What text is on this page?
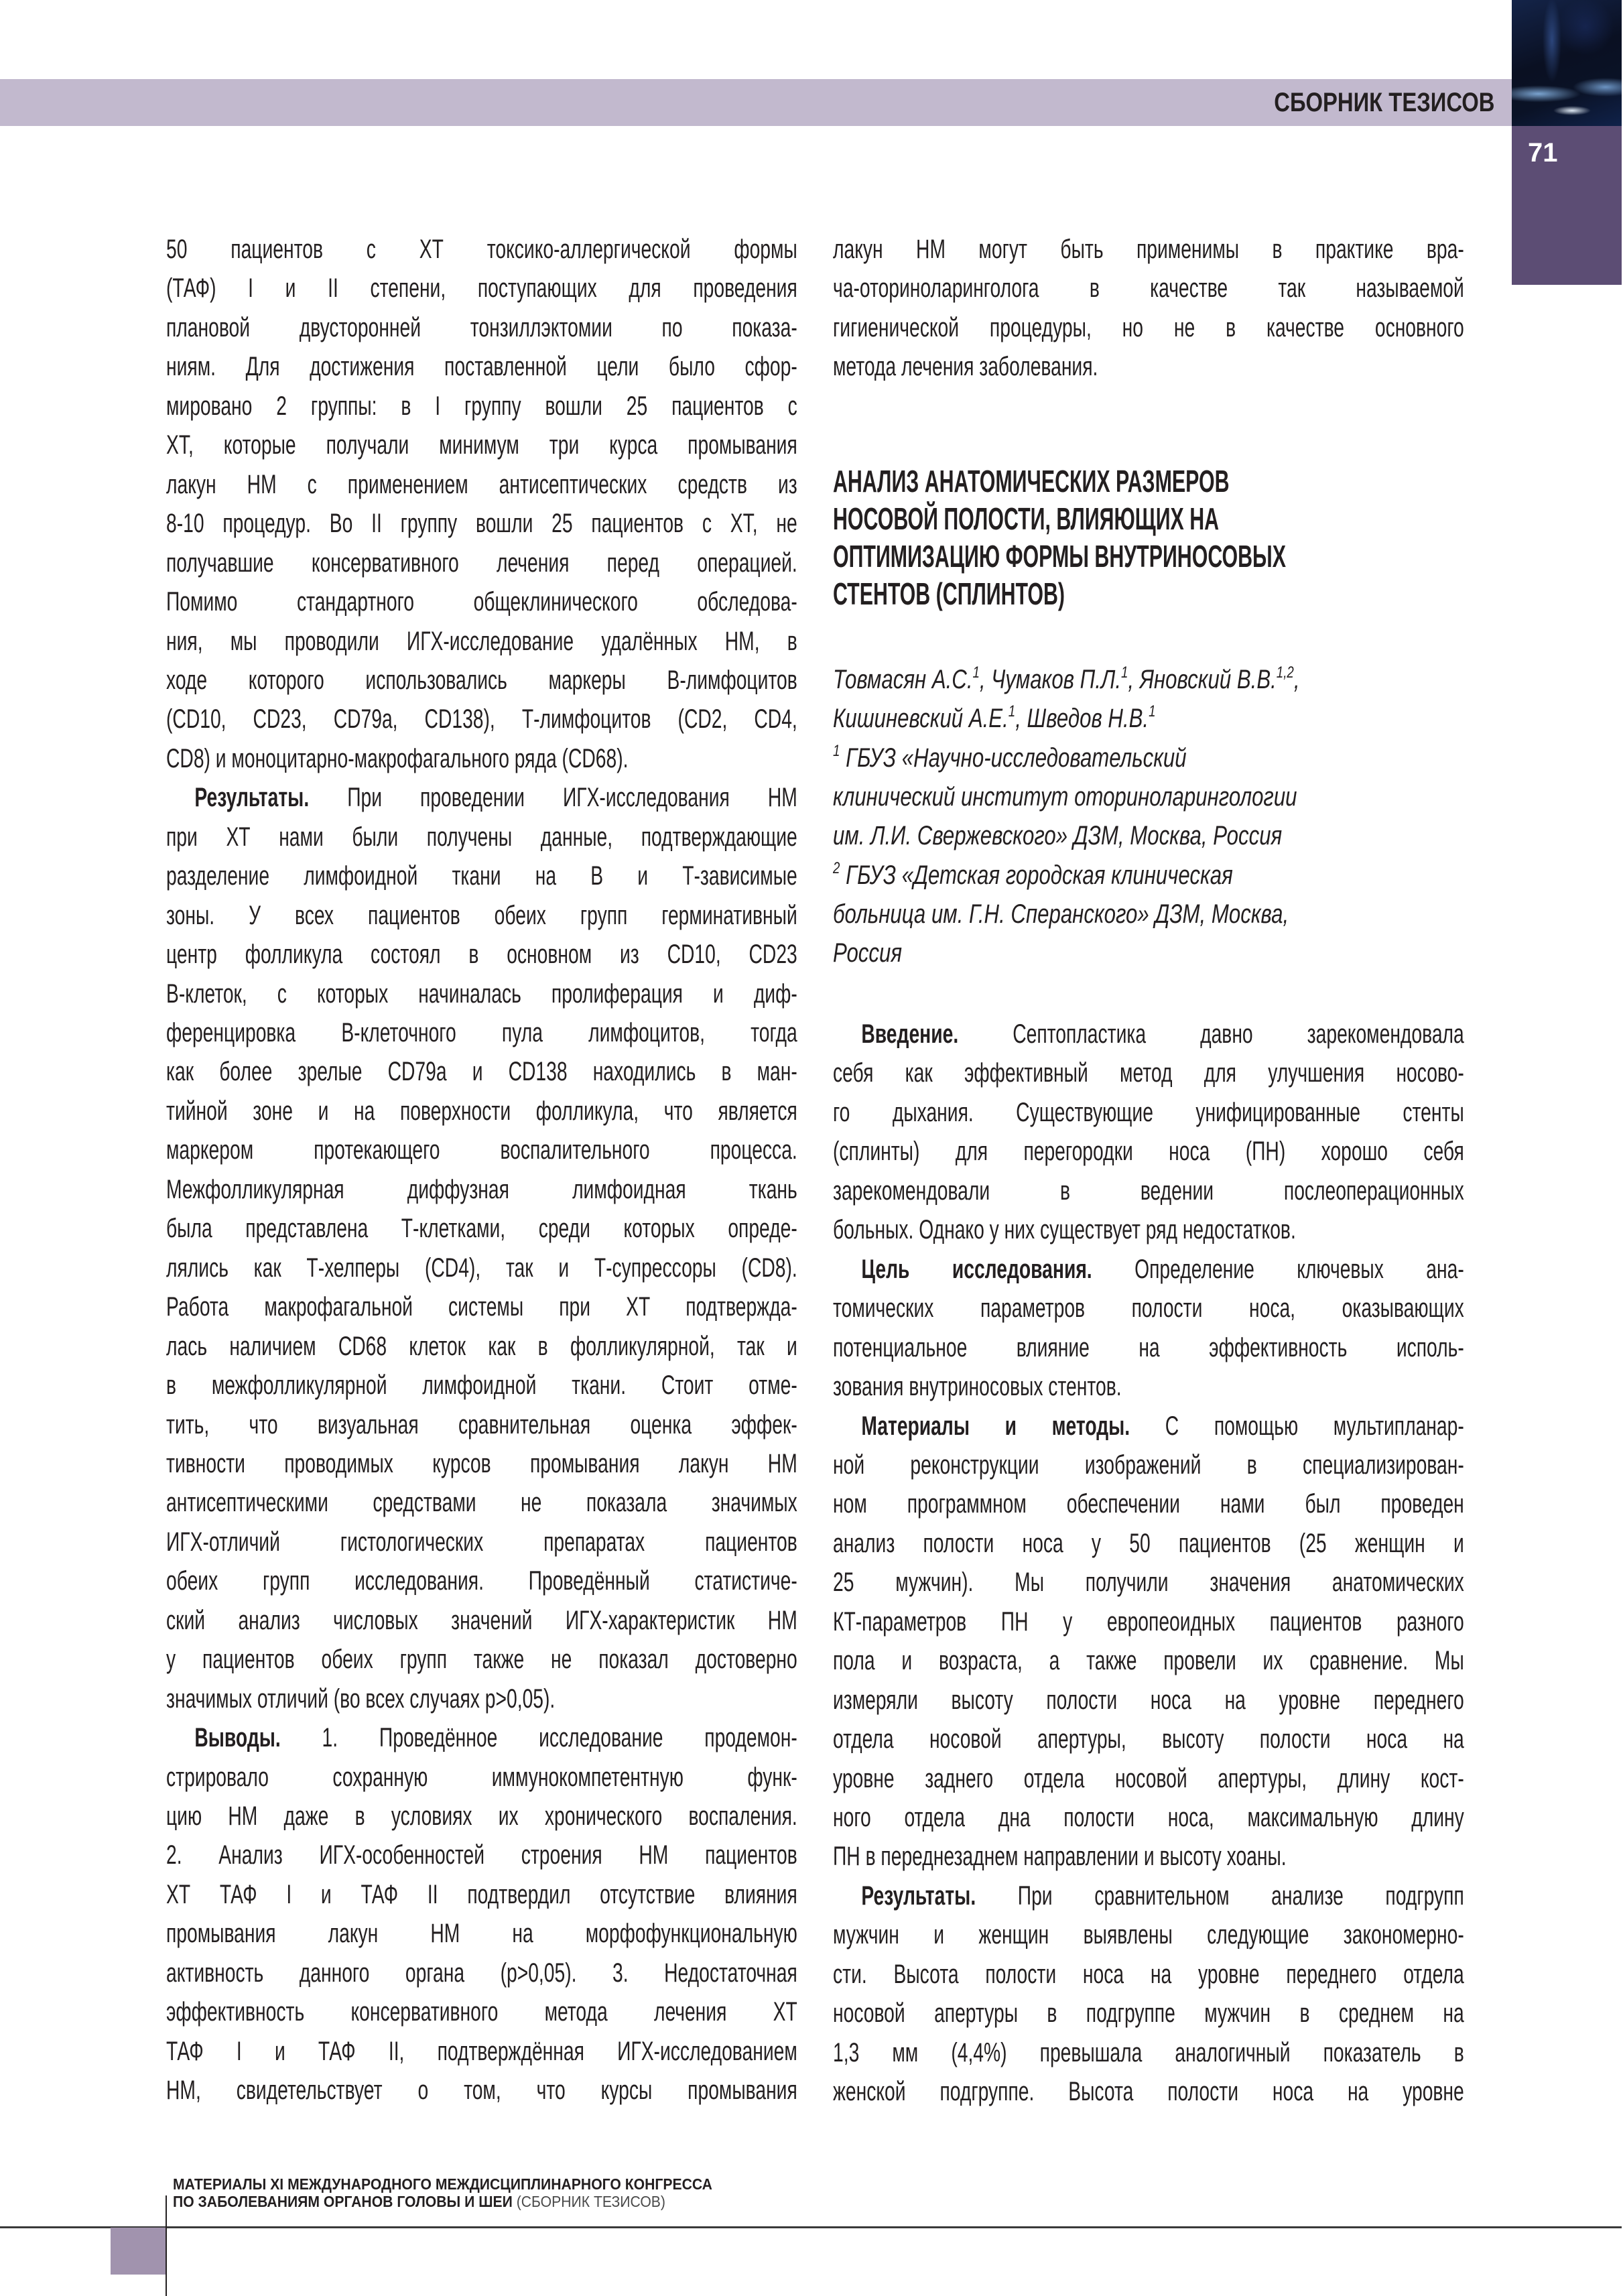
СБОРНИК ТЕЗИСОВ
71
50 пациентов с ХТ токсико-аллергической формы
(ТАФ) I и II степени, поступающих для проведения
плановой двусторонней тонзиллэктомии по показа-
ниям. Для достижения поставленной цели было сфор-
мировано 2 группы: в I группу вошли 25 пациентов с
ХТ, которые получали минимум три курса промывания
лакун НМ с применением антисептических средств из
8-10 процедур. Во II группу вошли 25 пациентов с ХТ, не
получавшие консервативного лечения перед операцией.
Помимо стандартного общеклинического обследова-
ния, мы проводили ИГХ-исследование удалённых НМ, в
ходе которого использовались маркеры В-лимфоцитов
(CD10, CD23, CD79a, CD138), Т-лимфоцитов (CD2, CD4,
CD8) и моноцитарно-макрофагального ряда (CD68).
Результаты. При проведении ИГХ-исследования НМ
при ХТ нами были получены данные, подтверждающие
разделение лимфоидной ткани на В и Т-зависимые
зоны. У всех пациентов обеих групп герминативный
центр фолликула состоял в основном из CD10, CD23
В-клеток, с которых начиналась пролиферация и диф-
ференцировка В-клеточного пула лимфоцитов, тогда
как более зрелые CD79a и CD138 находились в ман-
тийной зоне и на поверхности фолликула, что является
маркером протекающего воспалительного процесса.
Межфолликулярная диффузная лимфоидная ткань
была представлена Т-клетками, среди которых опреде-
лялись как Т-хелперы (CD4), так и Т-супрессоры (CD8).
Работа макрофагальной системы при ХТ подтвержда-
лась наличием CD68 клеток как в фолликулярной, так и
в межфолликулярной лимфоидной ткани. Стоит отме-
тить, что визуальная сравнительная оценка эффек-
тивности проводимых курсов промывания лакун НМ
антисептическими средствами не показала значимых
ИГХ-отличий гистологических препаратах пациентов
обеих групп исследования. Проведённый статистиче-
ский анализ числовых значений ИГХ-характеристик НМ
у пациентов обеих групп также не показал достоверно
значимых отличий (во всех случаях p>0,05).
Выводы. 1. Проведённое исследование продемон-
стрировало сохранную иммунокомпетентную функ-
цию НМ даже в условиях их хронического воспаления.
2. Анализ ИГХ-особенностей строения НМ пациентов
ХТ ТАФ I и ТАФ II подтвердил отсутствие влияния
промывания лакун НМ на морфофункциональную
активность данного органа (p>0,05). 3. Недостаточная
эффективность консервативного метода лечения ХТ
ТАФ I и ТАФ II, подтверждённая ИГХ-исследованием
НМ, свидетельствует о том, что курсы промывания
лакун НМ могут быть применимы в практике вра-
ча-оториноларинголога в качестве так называемой
гигиенической процедуры, но не в качестве основного
метода лечения заболевания.
АНАЛИЗ АНАТОМИЧЕСКИХ РАЗМЕРОВ
НОСОВОЙ ПОЛОСТИ, ВЛИЯЮЩИХ НА
ОПТИМИЗАЦИЮ ФОРМЫ ВНУТРИНОСОВЫХ
СТЕНТОВ (СПЛИНТОВ)
Товмасян А.С.$^1$, Чумаков П.Л.$^1$, Яновский В.В.$^{1,2}$,
Кишиневский А.Е.$^1$, Шведов Н.В.$^1$
$^1$ ГБУЗ «Научно-исследовательский
клинический институт оториноларингологии
им. Л.И. Свержевского» ДЗМ, Москва, Россия
$^2$ ГБУЗ «Детская городская клиническая
больница им. Г.Н. Сперанского» ДЗМ, Москва,
Россия
Введение. Септопластика давно зарекомендовала
себя как эффективный метод для улучшения носово-
го дыхания. Существующие унифицированные стенты
(сплинты) для перегородки носа (ПН) хорошо себя
зарекомендовали в ведении послеоперационных
больных. Однако у них существует ряд недостатков.
Цель исследования. Определение ключевых ана-
томических параметров полости носа, оказывающих
потенциальное влияние на эффективность исполь-
зования внутриносовых стентов.
Материалы и методы. С помощью мультипланар-
ной реконструкции изображений в специализирован-
ном программном обеспечении нами был проведен
анализ полости носа у 50 пациентов (25 женщин и
25 мужчин). Мы получили значения анатомических
КТ-параметров ПН у европеоидных пациентов разного
пола и возраста, а также провели их сравнение. Мы
измеряли высоту полости носа на уровне переднего
отдела носовой апертуры, высоту полости носа на
уровне заднего отдела носовой апертуры, длину кост-
ного отдела дна полости носа, максимальную длину
ПН в переднезаднем направлении и высоту хоаны.
Результаты. При сравнительном анализе подгрупп
мужчин и женщин выявлены следующие закономерно-
сти. Высота полости носа на уровне переднего отдела
носовой апертуры в подгруппе мужчин в среднем на
1,3 мм (4,4%) превышала аналогичный показатель в
женской подгруппе. Высота полости носа на уровне
МАТЕРИАЛЫ XI МЕЖДУНАРОДНОГО МЕЖДИСЦИПЛИНАРНОГО КОНГРЕССА
ПО ЗАБОЛЕВАНИЯМ ОРГАНОВ ГОЛОВЫ И ШЕИ (СБОРНИК ТЕЗИСОВ)
